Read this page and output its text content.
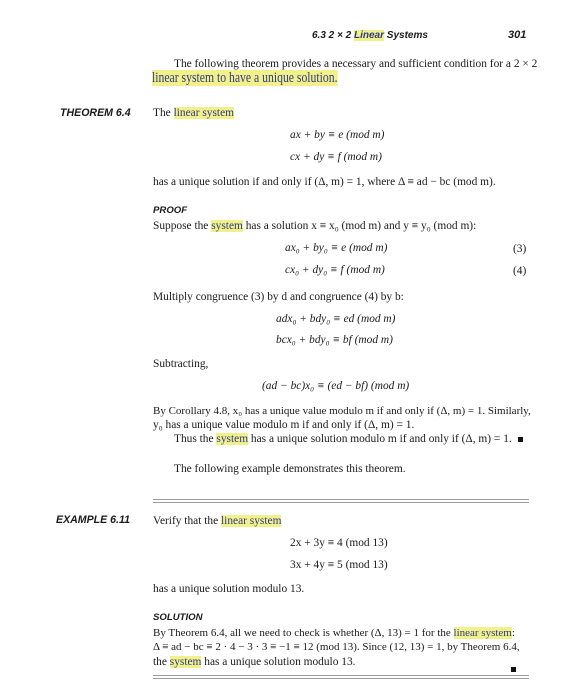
6.3 2 × 2 Linear Systems	301
The following theorem provides a necessary and sufficient condition for a 2 × 2
linear system to have a unique solution.
THEOREM 6.4 The linear system
ax + by ≡ e (mod m)
cx + dy ≡ f (mod m)
has a unique solution if and only if (Δ, m) = 1, where Δ ≡ ad − bc (mod m).
PROOF
Suppose the system has a solution x ≡ x₀ (mod m) and y ≡ y₀ (mod m):
ax₀ + by₀ ≡ e (mod m)	(3)
cx₀ + dy₀ ≡ f (mod m)	(4)
Multiply congruence (3) by d and congruence (4) by b:
adx₀ + bdy₀ ≡ ed (mod m)
bcx₀ + bdy₀ ≡ bf (mod m)
Subtracting,
(ad − bc)x₀ ≡ (ed − bf) (mod m)
By Corollary 4.8, x₀ has a unique value modulo m if and only if (Δ, m) = 1. Similarly,
y₀ has a unique value modulo m if and only if (Δ, m) = 1.
Thus the system has a unique solution modulo m if and only if (Δ, m) = 1.
The following example demonstrates this theorem.
EXAMPLE 6.11 Verify that the linear system
2x + 3y ≡ 4 (mod 13)
3x + 4y ≡ 5 (mod 13)
has a unique solution modulo 13.
SOLUTION
By Theorem 6.4, all we need to check is whether (Δ, 13) = 1 for the linear system:
Δ ≡ ad − bc ≡ 2 · 4 − 3 · 3 ≡ −1 ≡ 12 (mod 13). Since (12, 13) = 1, by Theorem 6.4,
the system has a unique solution modulo 13.
